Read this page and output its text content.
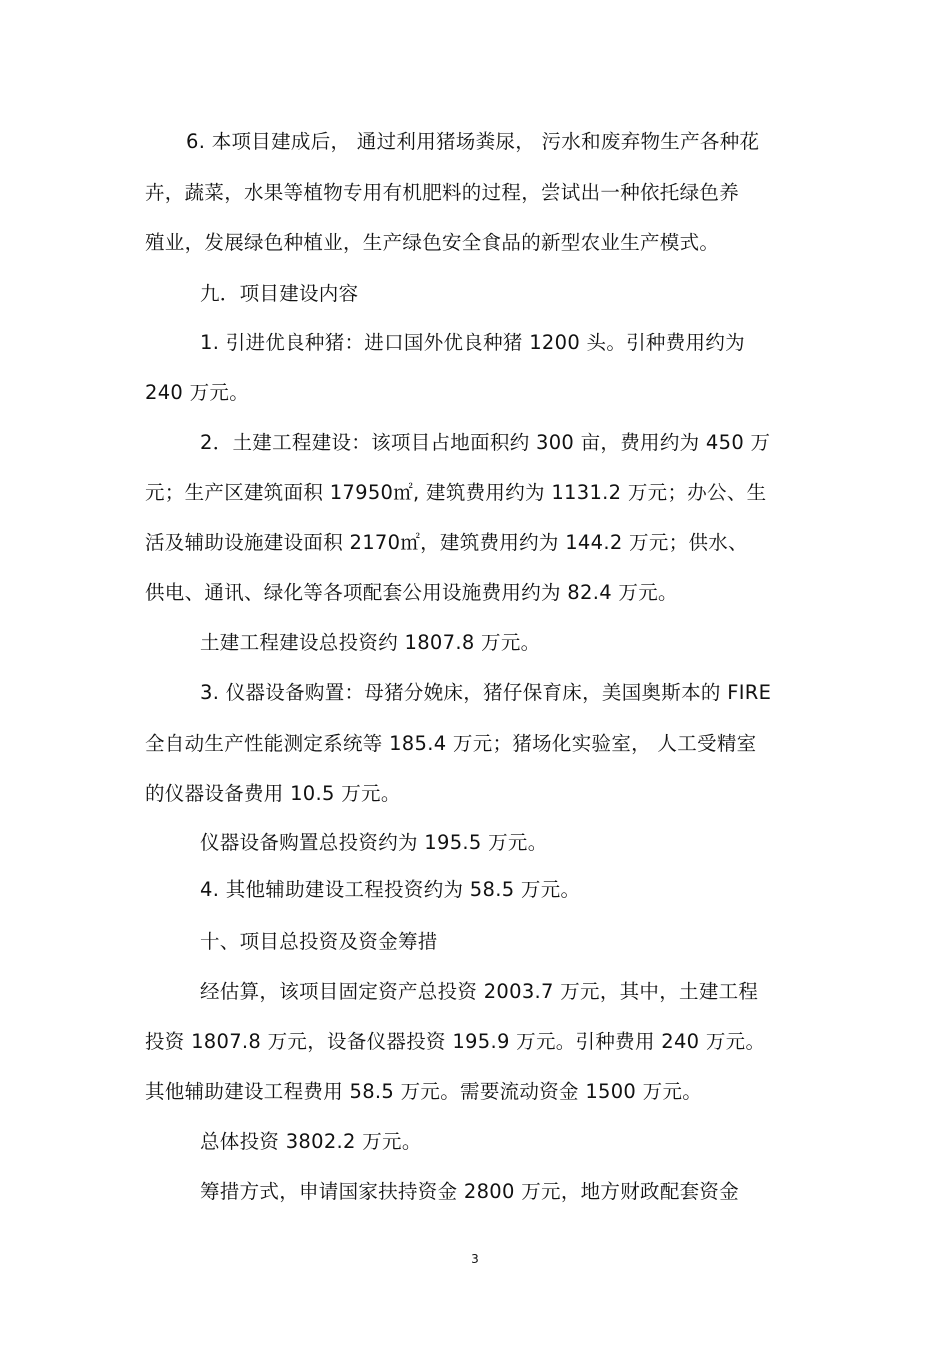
6. 本项目建成后， 通过利用猪场粪尿， 污水和废弃物生产各种花
卉，蔬菜，水果等植物专用有机肥料的过程，尝试出一种依托绿色养
殖业，发展绿色种植业，生产绿色安全食品的新型农业生产模式。
九．项目建设内容
1. 引进优良种猪：进口国外优良种猪 1200 头。引种费用约为
240 万元。
2．土建工程建设：该项目占地面积约 300 亩，费用约为 450 万
元；生产区建筑面积 17950㎡, 建筑费用约为 1131.2 万元；办公、生
活及辅助设施建设面积 2170㎡，建筑费用约为 144.2 万元；供水、
供电、通讯、绿化等各项配套公用设施费用约为 82.4 万元。
土建工程建设总投资约 1807.8 万元。
3. 仪器设备购置：母猪分娩床，猪仔保育床，美国奥斯本的 FIRE
全自动生产性能测定系统等 185.4 万元；猪场化实验室， 人工受精室
的仪器设备费用 10.5 万元。
仪器设备购置总投资约为 195.5 万元。
4. 其他辅助建设工程投资约为 58.5 万元。
十、项目总投资及资金筹措
经估算，该项目固定资产总投资 2003.7 万元，其中，土建工程
投资 1807.8 万元，设备仪器投资 195.9 万元。引种费用 240 万元。
其他辅助建设工程费用 58.5 万元。需要流动资金 1500 万元。
总体投资 3802.2 万元。
筹措方式，申请国家扶持资金 2800 万元，地方财政配套资金
3
